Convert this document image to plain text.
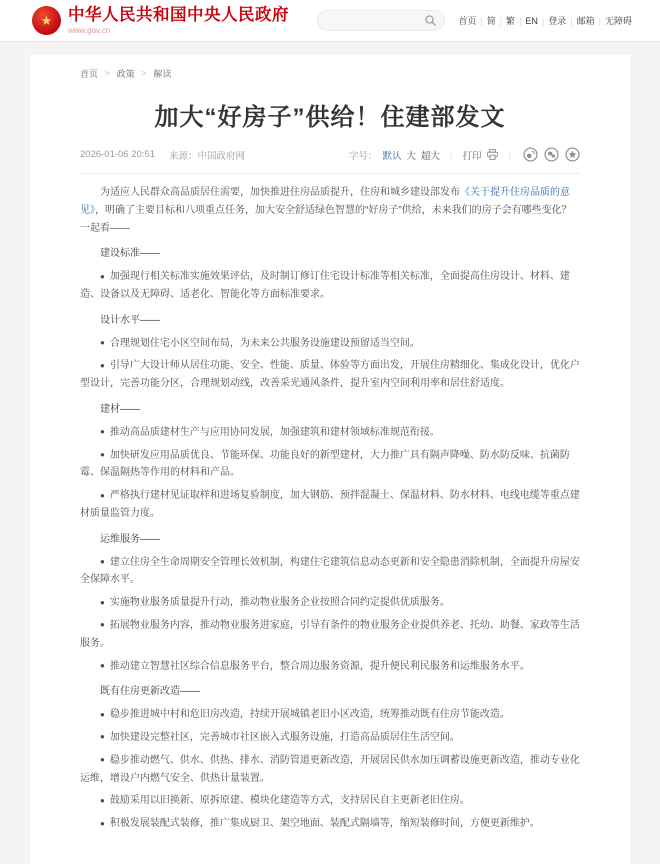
★ 中华人民共和国中央人民政府
www.gov.cn
首页 | 简 | 繁 | EN | 登录 | 邮箱 | 无障碍
首页 > 政策 > 解读
加大“好房子”供给！住建部发文
2026-01-06 20:51 来源：中国政府网	字号： 默认 大 超大 | 打印	|

为适应人民群众高品质居住需要，加快推进住房品质提升，住房和城乡建设部发布《关于提升住房品质的意见》，明确了主要目标和八项重点任务，加大安全舒适绿色智慧的“好房子”供给，未来我们的房子会有哪些变化？一起看——

建设标准——

● 加强现行相关标准实施效果评估，及时制订修订住宅设计标准等相关标准，全面提高住房设计、材料、建造、设备以及无障碍、适老化、智能化等方面标准要求。

设计水平——

● 合理规划住宅小区空间布局，为未来公共服务设施建设预留适当空间。

● 引导广大设计师从居住功能、安全、性能、质量、体验等方面出发，开展住房精细化、集成化设计，优化户型设计，完善功能分区，合理规划动线，改善采光通风条件，提升室内空间利用率和居住舒适度。

建材——

● 推动高品质建材生产与应用协同发展，加强建筑和建材领域标准规范衔接。

● 加快研发应用品质优良、节能环保、功能良好的新型建材，大力推广具有隔声降噪、防水防反味、抗菌防霉、保温隔热等作用的材料和产品。

● 严格执行建材见证取样和进场复验制度，加大钢筋、预拌混凝土、保温材料、防水材料、电线电缆等重点建材质量监管力度。

运维服务——

● 建立住房全生命周期安全管理长效机制，构建住宅建筑信息动态更新和安全隐患消除机制，全面提升房屋安全保障水平。

● 实施物业服务质量提升行动，推动物业服务企业按照合同约定提供优质服务。

● 拓展物业服务内容，推动物业服务进家庭，引导有条件的物业服务企业提供养老、托幼、助餐、家政等生活服务。

● 推动建立智慧社区综合信息服务平台，整合周边服务资源，提升便民利民服务和运维服务水平。

既有住房更新改造——

● 稳步推进城中村和危旧房改造，持续开展城镇老旧小区改造，统筹推动既有住房节能改造。

● 加快建设完整社区，完善城市社区嵌入式服务设施，打造高品质居住生活空间。

● 稳步推动燃气、供水、供热、排水、消防管道更新改造，开展居民供水加压调蓄设施更新改造，推动专业化运维，增设户内燃气安全、供热计量装置。

● 鼓励采用以旧换新、原拆原建、模块化建造等方式，支持居民自主更新老旧住房。

● 积极发展装配式装修，推广集成厨卫、架空地面、装配式隔墙等，缩短装修时间，方便更新维护。
